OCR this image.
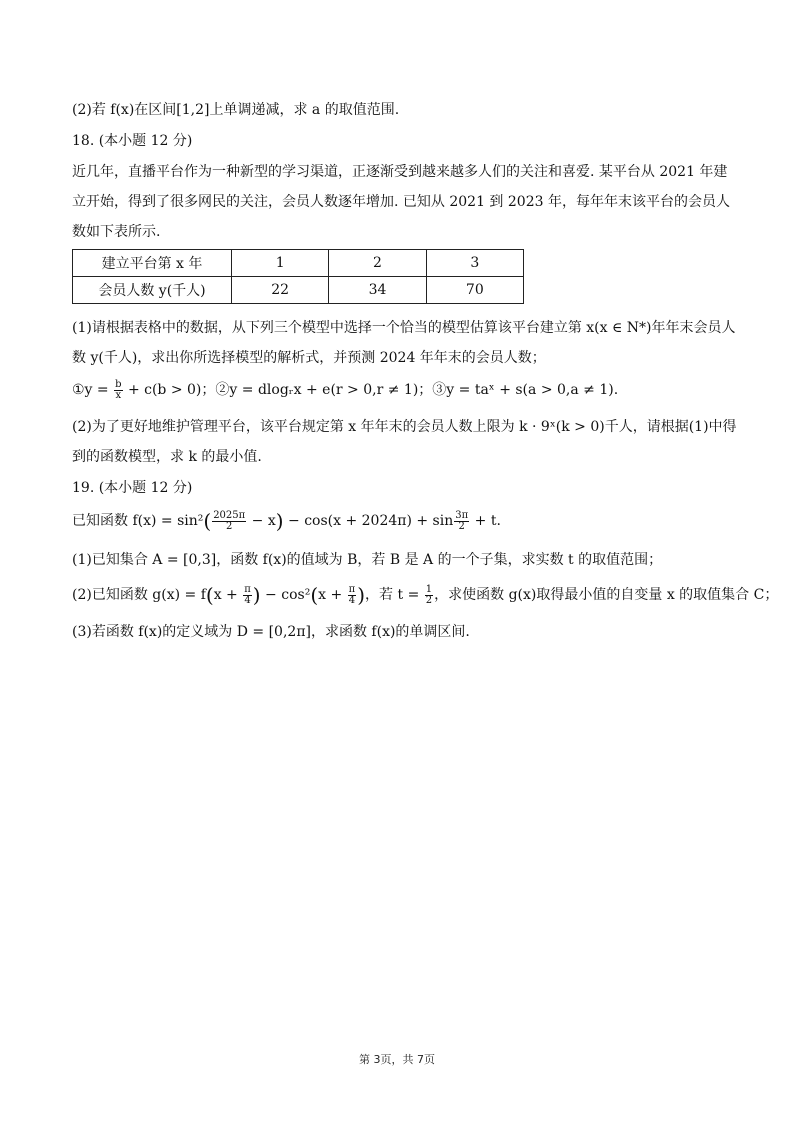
(2)若 f(x)在区间[1,2]上单调递减，求 a 的取值范围.
18. (本小题 12 分)
近几年，直播平台作为一种新型的学习渠道，正逐渐受到越来越多人们的关注和喜爱. 某平台从 2021 年建
立开始，得到了很多网民的关注，会员人数逐年增加. 已知从 2021 到 2023 年，每年年末该平台的会员人
数如下表所示.
建立平台第 x 年	1	2	3
会员人数 y(千人)	22	34	70
(1)请根据表格中的数据，从下列三个模型中选择一个恰当的模型估算该平台建立第 x(x ∈ N*)年年末会员人
数 y(千人)，求出你所选择模型的解析式，并预测 2024 年年末的会员人数；
①y = $\frac{b}{x} + c(b > 0)$；②y = dlogᵣx + e(r > 0,r ≠ 1)；③y = taˣ + s(a > 0,a ≠ 1).
(2)为了更好地维护管理平台，该平台规定第 x 年年末的会员人数上限为 k · 9ˣ(k > 0)千人，请根据(1)中得
到的函数模型，求 k 的最小值.
19. (本小题 12 分)
已知函数 $f(x) = \sin^2( \frac{2025\pi}{2} - x) - \cos(x + 2024\pi) + \sin \frac{3\pi}{2} + t$.
(1)已知集合 A = [0,3]，函数 f(x)的值域为 B，若 B 是 A 的一个子集，求实数 t 的取值范围；
(2)已知函数 $g(x) = f(x + \frac{\pi}{4}$ ) − $\cos^2(x + \frac{\pi}{4}$ )，若 $t = \frac{1}{2}$ ，求使函数 g(x)取得最小值的自变量 x 的取值集合 C；
(3)若函数 f(x)的定义域为 D = [0,2π]，求函数 f(x)的单调区间.
第 3页，共 7页
